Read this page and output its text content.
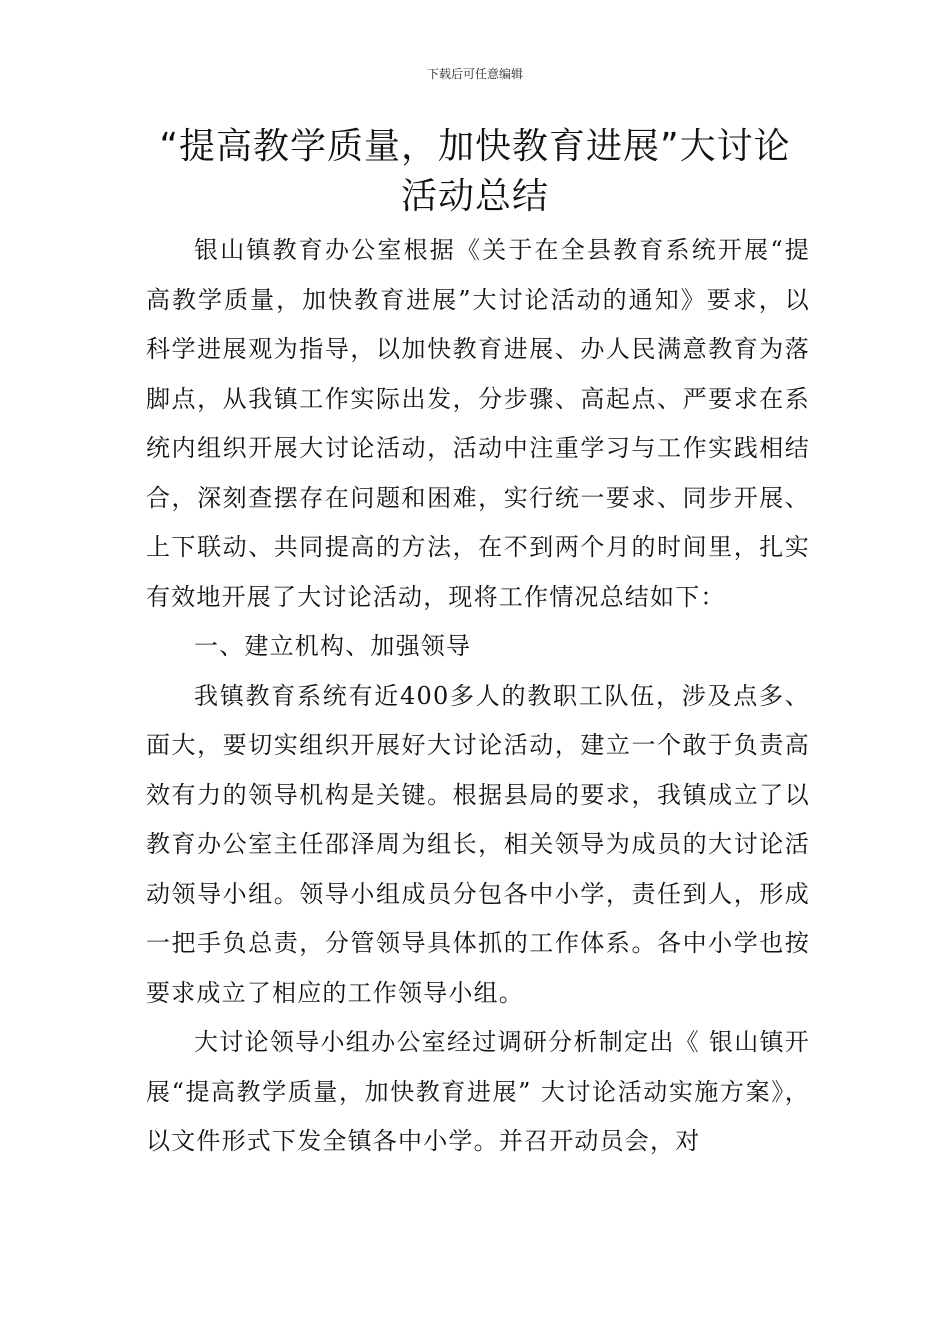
下载后可任意编辑
“提高教学质量，加快教育进展”大讨论
活动总结

银山镇教育办公室根据《关于在全县教育系统开展“提高教学质量，加快教育进展”大讨论活动的通知》要求，以科学进展观为指导，以加快教育进展、办人民满意教育为落脚点，从我镇工作实际出发，分步骤、高起点、严要求在系统内组织开展大讨论活动，活动中注重学习与工作实践相结合，深刻查摆存在问题和困难，实行统一要求、同步开展、上下联动、共同提高的方法，在不到两个月的时间里，扎实有效地开展了大讨论活动，现将工作情况总结如下：

一、建立机构、加强领导

我镇教育系统有近400多人的教职工队伍，涉及点多、面大，要切实组织开展好大讨论活动，建立一个敢于负责高效有力的领导机构是关键。根据县局的要求，我镇成立了以教育办公室主任邵泽周为组长，相关领导为成员的大讨论活动领导小组。领导小组成员分包各中小学，责任到人，形成一把手负总责，分管领导具体抓的工作体系。各中小学也按要求成立了相应的工作领导小组。

大讨论领导小组办公室经过调研分析制定出《 银山镇开展“提高教学质量，加快教育进展” 大讨论活动实施方案》，以文件形式下发全镇各中小学。并召开动员会，对
